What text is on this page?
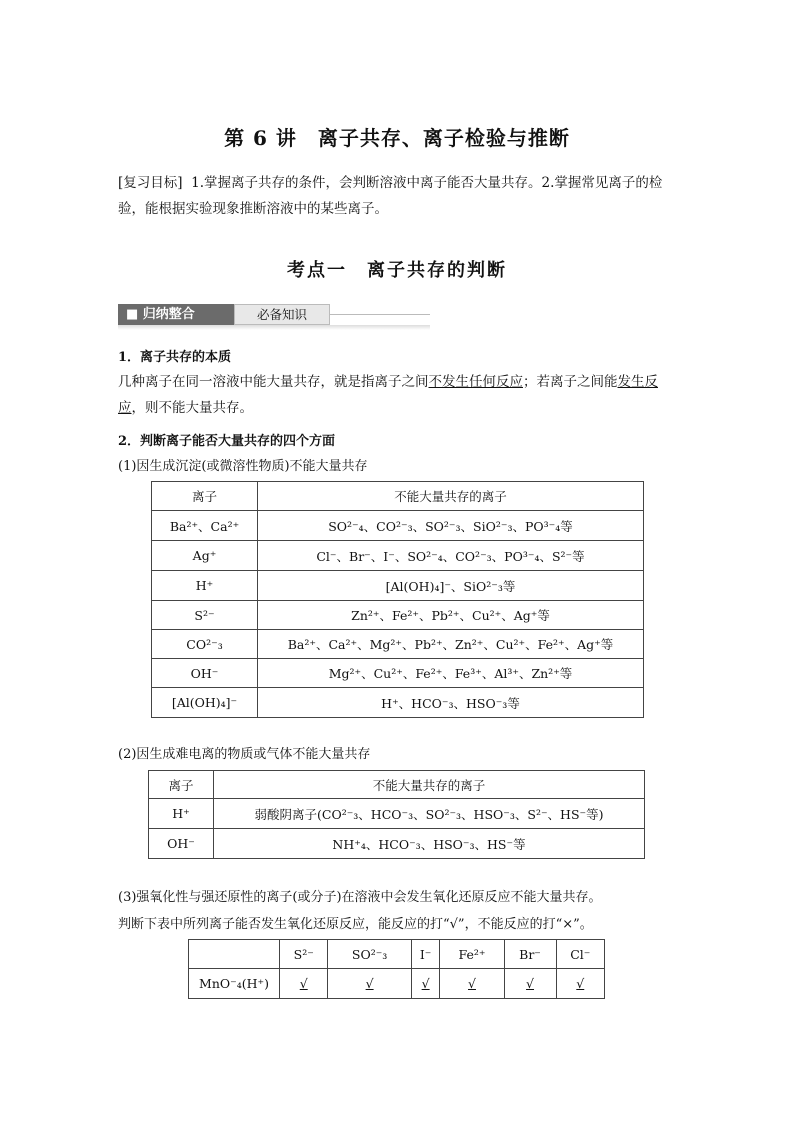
第 6 讲　离子共存、离子检验与推断
[复习目标] 1.掌握离子共存的条件，会判断溶液中离子能否大量共存。2.掌握常见离子的检
验，能根据实验现象推断溶液中的某些离子。
考点一　离子共存的判断
■ 归纳整合	必备知识
1．离子共存的本质
几种离子在同一溶液中能大量共存，就是指离子之间不发生任何反应；若离子之间能发生反
应，则不能大量共存。
2．判断离子能否大量共存的四个方面
(1)因生成沉淀(或微溶性物质)不能大量共存
离子	不能大量共存的离子
Ba²⁺、Ca²⁺	SO²⁻₄、CO²⁻₃、SO²⁻₃、SiO²⁻₃、PO³⁻₄等
Ag⁺	Cl⁻、Br⁻、I⁻、SO²⁻₄、CO²⁻₃、PO³⁻₄、S²⁻等
H⁺	[Al(OH)₄]⁻、SiO²⁻₃等
S²⁻	Zn²⁺、Fe²⁺、Pb²⁺、Cu²⁺、Ag⁺等
CO²⁻₃	Ba²⁺、Ca²⁺、Mg²⁺、Pb²⁺、Zn²⁺、Cu²⁺、Fe²⁺、Ag⁺等
OH⁻	Mg²⁺、Cu²⁺、Fe²⁺、Fe³⁺、Al³⁺、Zn²⁺等
[Al(OH)₄]⁻	H⁺、HCO⁻₃、HSO⁻₃等
(2)因生成难电离的物质或气体不能大量共存
离子	不能大量共存的离子
H⁺	弱酸阴离子(CO²⁻₃、HCO⁻₃、SO²⁻₃、HSO⁻₃、S²⁻、HS⁻等)
OH⁻	NH⁺₄、HCO⁻₃、HSO⁻₃、HS⁻等
(3)强氧化性与强还原性的离子(或分子)在溶液中会发生氧化还原反应不能大量共存。
判断下表中所列离子能否发生氧化还原反应，能反应的打“√”，不能反应的打“×”。
	S²⁻	SO²⁻₃	I⁻	Fe²⁺	Br⁻	Cl⁻
MnO⁻₄(H⁺)	√	√	√	√	√	√
